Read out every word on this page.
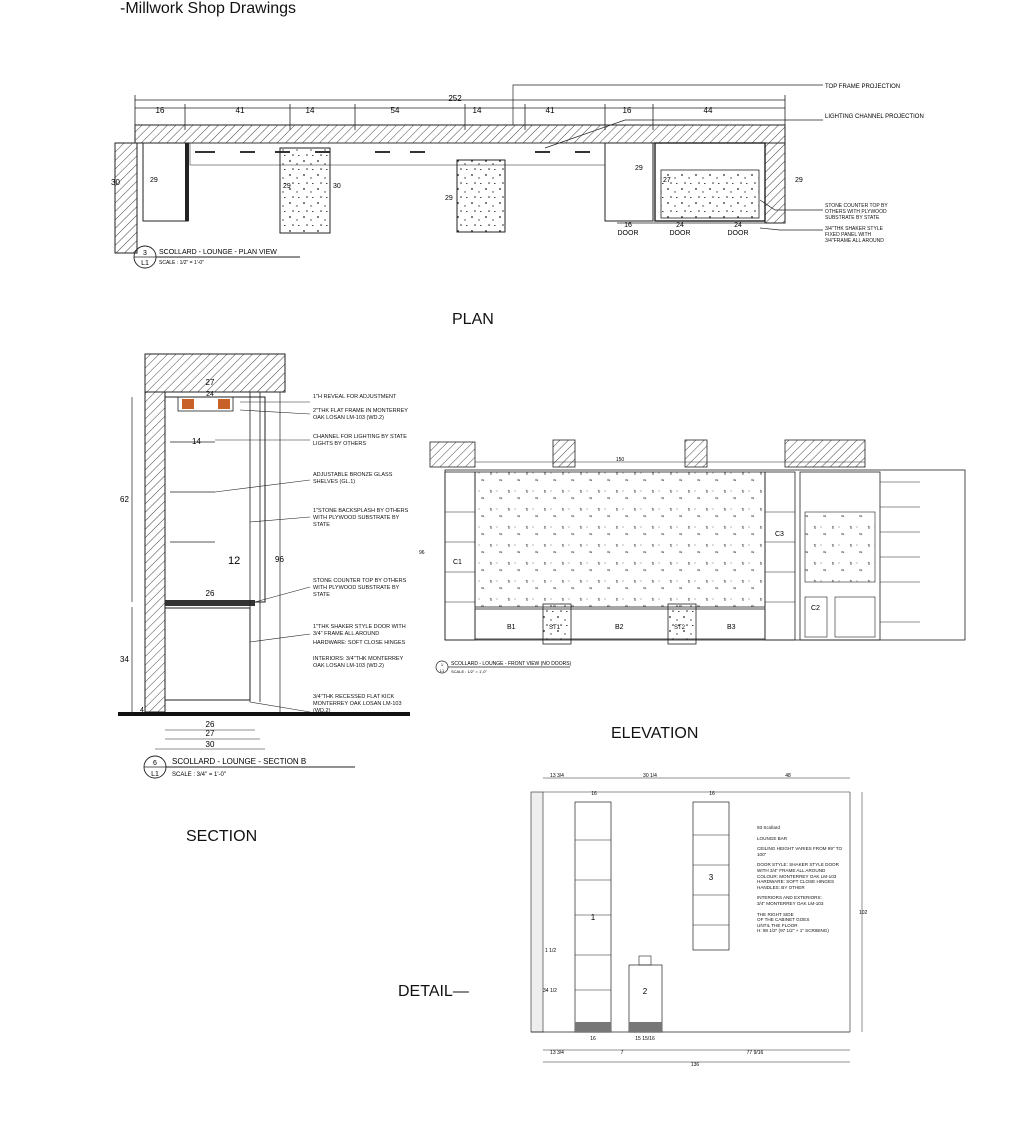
-Millwork Shop Drawings
16	41	14	54	14	41	16	44
252
30	29
29	30
29
29
27	29
16	24	24
DOOR	DOOR	DOOR
TOP FRAME PROJECTION
LIGHTING CHANNEL PROJECTION
STONE COUNTER TOP BY OTHERS WITH PLYWOOD SUBSTRATE BY STATE
3/4"THK SHAKER STYLE FIXED PANEL WITH 3/4"FRAME ALL AROUND
3
L1
SCOLLARD - LOUNGE - PLAN VIEW
SCALE : 1/2" = 1'-0"
PLAN
27
24
14
12
62
96
26
34
4
26
27
30
1"H REVEAL FOR ADJUSTMENT
2"THK FLAT FRAME IN MONTERREY OAK LOSAN LM-103 (WD.2)
CHANNEL FOR LIGHTING BY STATE LIGHTS BY OTHERS
ADJUSTABLE BRONZE GLASS SHELVES (GL.1)
1"STONE BACKSPLASH BY OTHERS WITH PLYWOOD SUBSTRATE BY STATE
STONE COUNTER TOP BY OTHERS WITH PLYWOOD SUBSTRATE BY STATE
1"THK SHAKER STYLE DOOR WITH 3/4" FRAME ALL AROUND
HARDWARE: SOFT CLOSE HINGES
INTERIORS: 3/4"THK MONTERREY OAK LOSAN LM-103 (WD.2)
3/4"THK RECESSED FLAT KICK MONTERREY OAK LOSAN LM-103 (WD.2)
6
L1
SCOLLARD - LOUNGE - SECTION B
SCALE : 3/4" = 1'-0"
150
C1
B1	ST1	B2	ST2	B3
C3
C2
96
1
L1
SCOLLARD - LOUNGE - FRONT VIEW (NO DOORS)
SCALE : 1/2" = 1'-0"
ELEVATION
SECTION
DETAIL—
13 3/4	30 1/4	48
16	16
1
2
3
102
34 1/2
1 1/2
93 Scollard
LOUNGE BAR
CEILING HEIGHT VARIES FROM 99" TO 100"
DOOR STYLE: SHAKER STYLE DOOR
WITH 3/4" FRAME ALL AROUND
COLOUR: MONTERREY OAK LM-103
HARDWARE: SOFT CLOSE HINGES
HANDLES: BY OTHER
INTERIORS AND EXTERIORS:
3/4" MONTERREY OAK LM-103
THE RIGHT SIDE
OF THE CABINET GOES
UNTIL THE FLOOR
H: 98 1/2" (97 1/2" + 1" SCRIBING)
13 3/4	7	77 9/16
136
16	15 15/16
